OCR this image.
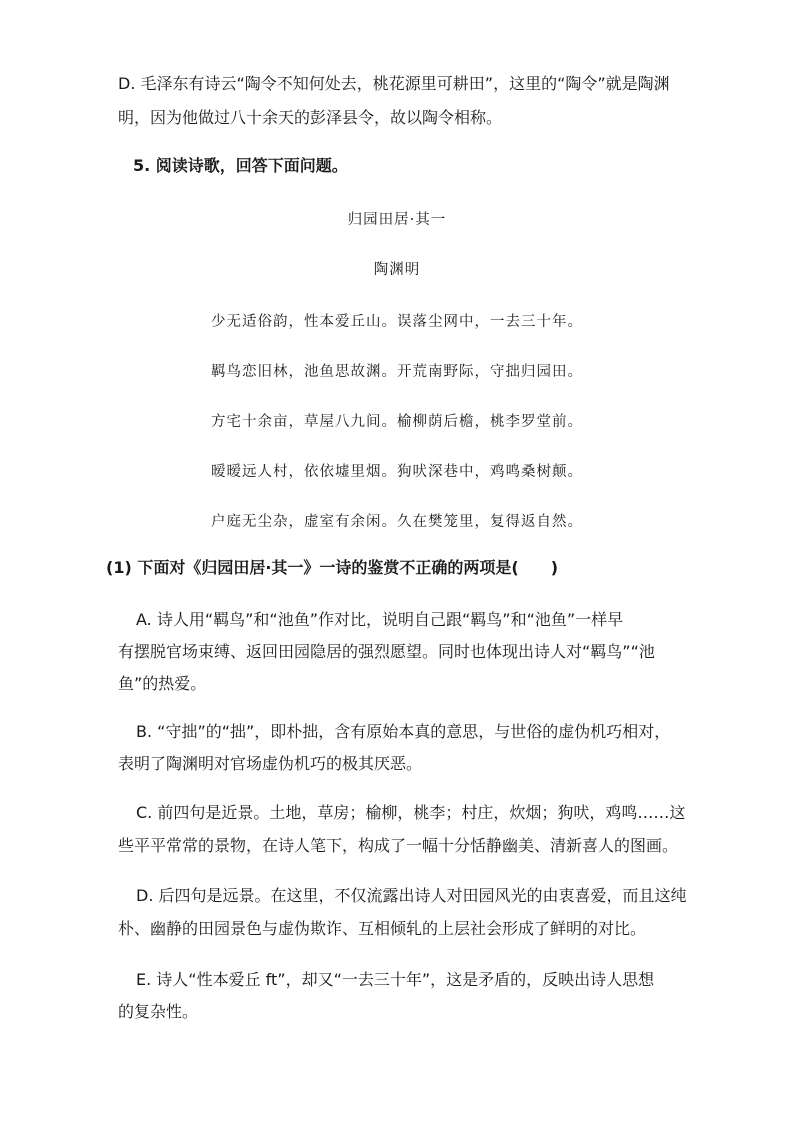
D. 毛泽东有诗云“陶令不知何处去，桃花源里可耕田”，这里的“陶令”就是陶渊
明，因为他做过八十余天的彭泽县令，故以陶令相称。
5. 阅读诗歌，回答下面问题。
归园田居·其一
陶渊明
少无适俗韵，性本爱丘山。误落尘网中，一去三十年。
羁鸟恋旧林，池鱼思故渊。开荒南野际，守拙归园田。
方宅十余亩，草屋八九间。榆柳荫后檐，桃李罗堂前。
暧暧远人村，依依墟里烟。狗吠深巷中，鸡鸣桑树颠。
户庭无尘杂，虚室有余闲。久在樊笼里，复得返自然。
(1) 下面对《归园田居·其一》一诗的鉴赏不正确的两项是(　　)
A. 诗人用“羁鸟”和“池鱼”作对比，说明自己跟“羁鸟”和“池鱼”一样早
有摆脱官场束缚、返回田园隐居的强烈愿望。同时也体现出诗人对“羁鸟”“池
鱼”的热爱。
B. “守拙”的“拙”，即朴拙，含有原始本真的意思，与世俗的虚伪机巧相对，
表明了陶渊明对官场虚伪机巧的极其厌恶。
C. 前四句是近景。土地，草房；榆柳，桃李；村庄，炊烟；狗吠，鸡鸣……这
些平平常常的景物，在诗人笔下，构成了一幅十分恬静幽美、清新喜人的图画。
D. 后四句是远景。在这里，不仅流露出诗人对田园风光的由衷喜爱，而且这纯
朴、幽静的田园景色与虚伪欺诈、互相倾轧的上层社会形成了鲜明的对比。
E. 诗人“性本爱丘 ft”，却又“一去三十年”，这是矛盾的，反映出诗人思想
的复杂性。
